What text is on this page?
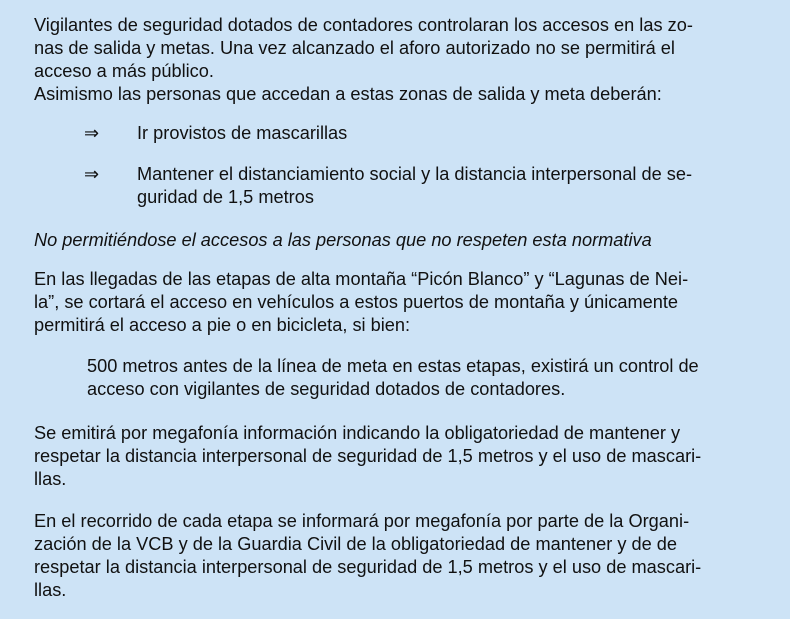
Vigilantes de seguridad dotados de contadores controlaran los accesos en las zo-
nas de salida y metas. Una vez alcanzado el aforo autorizado no se permitirá el
acceso a más público.
Asimismo las personas que accedan a estas zonas de salida y meta deberán:
⇒ Ir provistos de mascarillas
⇒ Mantener el distanciamiento social y la distancia interpersonal de se-
guridad de 1,5 metros
No permitiéndose el accesos a las personas que no respeten esta normativa
En las llegadas de las etapas de alta montaña “Picón Blanco” y “Lagunas de Nei-
la”, se cortará el acceso en vehículos a estos puertos de montaña y únicamente
permitirá el acceso a pie o en bicicleta, si bien:
500 metros antes de la línea de meta en estas etapas, existirá un control de
acceso con vigilantes de seguridad dotados de contadores.
Se emitirá por megafonía información indicando la obligatoriedad de mantener y
respetar la distancia interpersonal de seguridad de 1,5 metros y el uso de mascari-
llas.
En el recorrido de cada etapa se informará por megafonía por parte de la Organi-
zación de la VCB y de la Guardia Civil de la obligatoriedad de mantener y de de
respetar la distancia interpersonal de seguridad de 1,5 metros y el uso de mascari-
llas.
